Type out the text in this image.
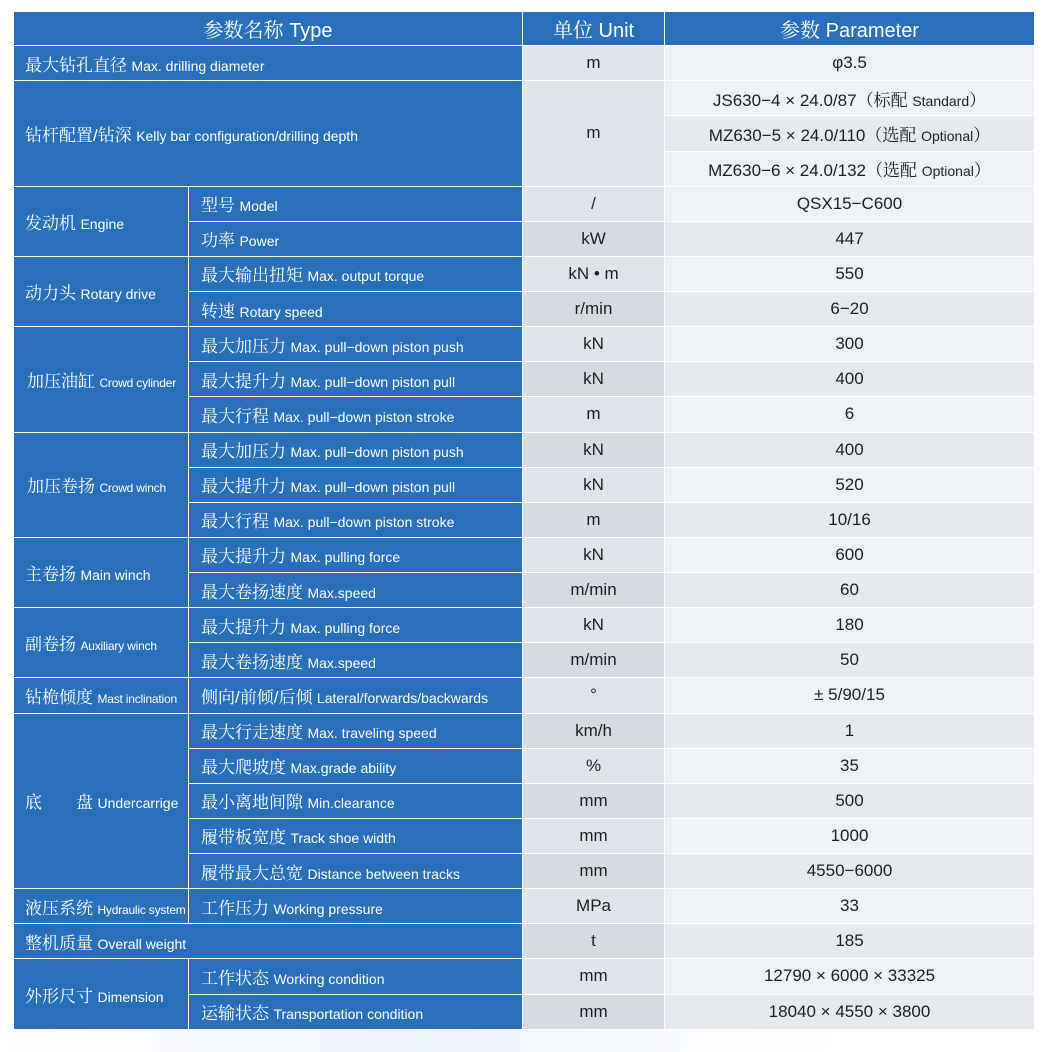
参数名称 Type		单位 Unit	参数 Parameter
最大钻孔直径 Max. drilling diameter		m	φ3.5
钻杆配置/钻深 Kelly bar configuration/drilling depth		m	JS630−4 × 24.0/87（标配 Standard）
			MZ630−5 × 24.0/110（选配 Optional）
			MZ630−6 × 24.0/132（选配 Optional）
发动机 Engine	型号 Model	/	QSX15−C600
	功率 Power	kW	447
动力头 Rotary drive	最大输出扭矩 Max. output torque	kN • m	550
	转速 Rotary speed	r/min	6−20
加压油缸 Crowd cylinder	最大加压力 Max. pull−down piston push	kN	300
	最大提升力 Max. pull−down piston pull	kN	400
	最大行程 Max. pull−down piston stroke	m	6
加压卷扬 Crowd winch	最大加压力 Max. pull−down piston push	kN	400
	最大提升力 Max. pull−down piston pull	kN	520
	最大行程 Max. pull−down piston stroke	m	10/16
主卷扬 Main winch	最大提升力 Max. pulling force	kN	600
	最大卷扬速度 Max.speed	m/min	60
副卷扬 Auxiliary winch	最大提升力 Max. pulling force	kN	180
	最大卷扬速度 Max.speed	m/min	50
钻桅倾度 Mast inclination	侧向/前倾/后倾 Lateral/forwards/backwards	°	± 5/90/15
底　　盘 Undercarrige	最大行走速度 Max. traveling speed	km/h	1
	最大爬坡度 Max.grade ability	%	35
	最小离地间隙 Min.clearance	mm	500
	履带板宽度 Track shoe width	mm	1000
	履带最大总宽 Distance between tracks	mm	4550−6000
液压系统 Hydraulic system	工作压力 Working pressure	MPa	33
整机质量 Overall weight		t	185
外形尺寸 Dimension	工作状态 Working condition	mm	12790 × 6000 × 33325
	运输状态 Transportation condition	mm	18040 × 4550 × 3800
